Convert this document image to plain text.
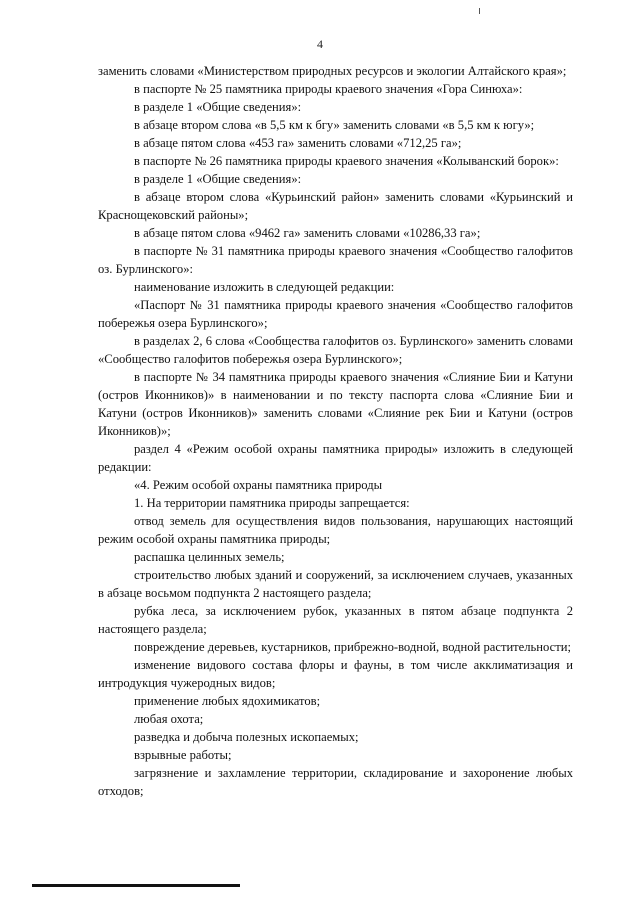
4

заменить словами «Министерством природных ресурсов и экологии Алтайского края»;

в паспорте № 25 памятника природы краевого значения «Гора Синюха»:

в разделе 1 «Общие сведения»:

в абзаце втором слова «в 5,5 км к бгу» заменить словами «в 5,5 км к югу»;

в абзаце пятом слова «453 га» заменить словами «712,25 га»;

в паспорте № 26 памятника природы краевого значения «Колыванский борок»:

в разделе 1 «Общие сведения»:

в абзаце втором слова «Курьинский район» заменить словами «Курьинский и Краснощековский районы»;

в абзаце пятом слова «9462 га» заменить словами «10286,33 га»;

в паспорте № 31 памятника природы краевого значения «Сообщество галофитов оз. Бурлинского»:

наименование изложить в следующей редакции:

«Паспорт № 31 памятника природы краевого значения «Сообщество галофитов побережья озера Бурлинского»;

в разделах 2, 6 слова «Сообщества галофитов оз. Бурлинского» заменить словами «Сообщество галофитов побережья озера Бурлинского»;

в паспорте № 34 памятника природы краевого значения «Слияние Бии и Катуни (остров Иконников)» в наименовании и по тексту паспорта слова «Слияние Бии и Катуни (остров Иконников)» заменить словами «Слияние рек Бии и Катуни (остров Иконников)»;

раздел 4 «Режим особой охраны памятника природы» изложить в следующей редакции:

«4. Режим особой охраны памятника природы

1. На территории памятника природы запрещается:

отвод земель для осуществления видов пользования, нарушающих настоящий режим особой охраны памятника природы;

распашка целинных земель;

строительство любых зданий и сооружений, за исключением случаев, указанных в абзаце восьмом подпункта 2 настоящего раздела;

рубка леса, за исключением рубок, указанных в пятом абзаце подпункта 2 настоящего раздела;

повреждение деревьев, кустарников, прибрежно-водной, водной растительности;

изменение видового состава флоры и фауны, в том числе акклиматизация и интродукция чужеродных видов;

применение любых ядохимикатов;

любая охота;

разведка и добыча полезных ископаемых;

взрывные работы;

загрязнение и захламление территории, складирование и захоронение любых отходов;
